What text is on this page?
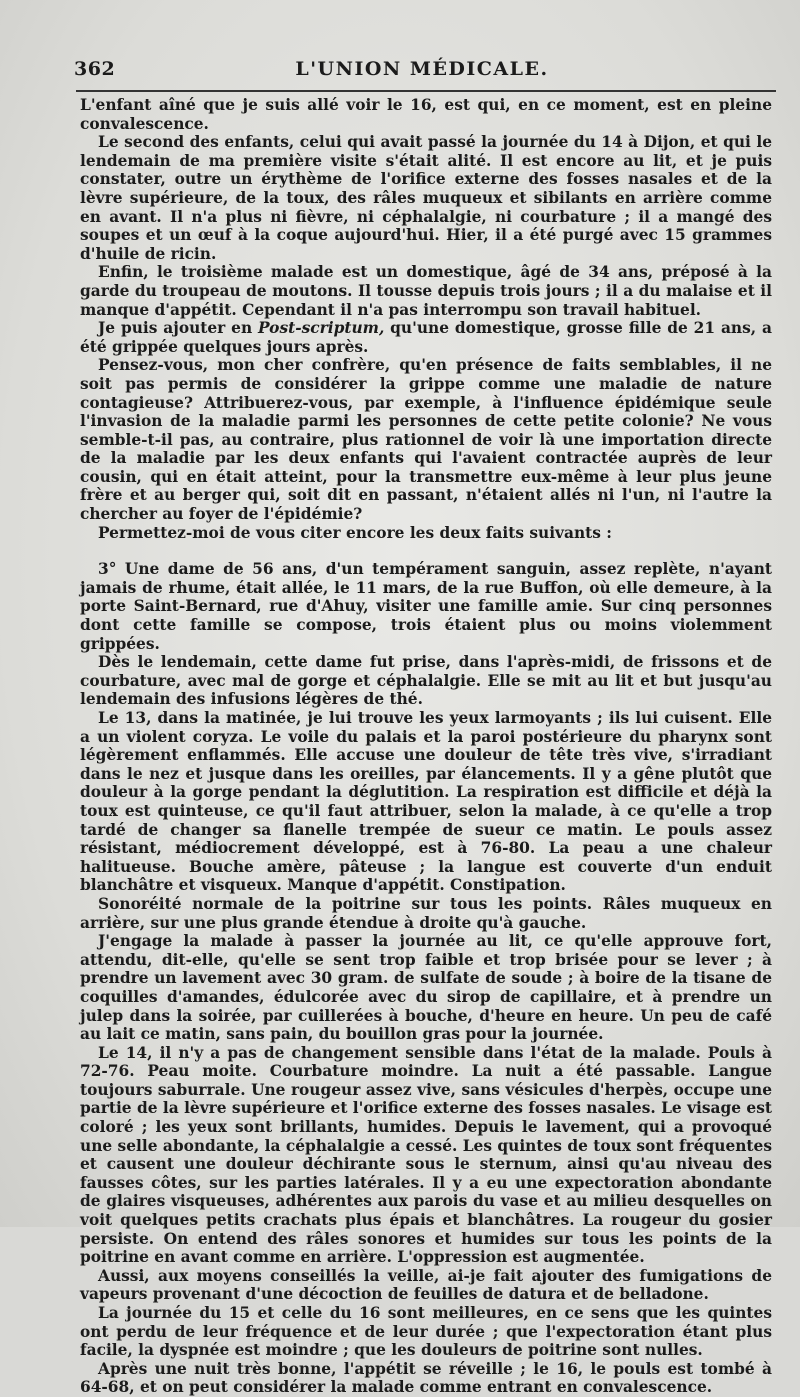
362	L'UNION MÉDICALE.

L'enfant aîné que je suis allé voir le 16, est qui, en ce moment, est en pleine convalescence.

Le second des enfants, celui qui avait passé la journée du 14 à Dijon, et qui le lendemain de ma première visite s'était alité. Il est encore au lit, et je puis constater, outre un érythème de l'orifice externe des fosses nasales et de la lèvre supérieure, de la toux, des râles muqueux et sibilants en arrière comme en avant. Il n'a plus ni fièvre, ni céphalalgie, ni courbature ; il a mangé des soupes et un œuf à la coque aujourd'hui. Hier, il a été purgé avec 15 grammes d'huile de ricin.

Enfin, le troisième malade est un domestique, âgé de 34 ans, préposé à la garde du troupeau de moutons. Il tousse depuis trois jours ; il a du malaise et il manque d'appétit. Cependant il n'a pas interrompu son travail habituel.

Je puis ajouter en Post-scriptum, qu'une domestique, grosse fille de 21 ans, a été grippée quelques jours après.

Pensez-vous, mon cher confrère, qu'en présence de faits semblables, il ne soit pas permis de considérer la grippe comme une maladie de nature contagieuse? Attribuerez-vous, par exemple, à l'influence épidémique seule l'invasion de la maladie parmi les personnes de cette petite colonie? Ne vous semble-t-il pas, au contraire, plus rationnel de voir là une importation directe de la maladie par les deux enfants qui l'avaient contractée auprès de leur cousin, qui en était atteint, pour la transmettre eux-même à leur plus jeune frère et au berger qui, soit dit en passant, n'étaient allés ni l'un, ni l'autre la chercher au foyer de l'épidémie?

Permettez-moi de vous citer encore les deux faits suivants :

3° Une dame de 56 ans, d'un tempérament sanguin, assez replète, n'ayant jamais de rhume, était allée, le 11 mars, de la rue Buffon, où elle demeure, à la porte Saint-Bernard, rue d'Ahuy, visiter une famille amie. Sur cinq personnes dont cette famille se compose, trois étaient plus ou moins violemment grippées.

Dès le lendemain, cette dame fut prise, dans l'après-midi, de frissons et de courbature, avec mal de gorge et céphalalgie. Elle se mit au lit et but jusqu'au lendemain des infusions légères de thé.

Le 13, dans la matinée, je lui trouve les yeux larmoyants ; ils lui cuisent. Elle a un violent coryza. Le voile du palais et la paroi postérieure du pharynx sont légèrement enflammés. Elle accuse une douleur de tête très vive, s'irradiant dans le nez et jusque dans les oreilles, par élancements. Il y a gêne plutôt que douleur à la gorge pendant la déglutition. La respiration est difficile et déjà la toux est quinteuse, ce qu'il faut attribuer, selon la malade, à ce qu'elle a trop tardé de changer sa flanelle trempée de sueur ce matin. Le pouls assez résistant, médiocrement développé, est à 76-80. La peau a une chaleur halitueuse. Bouche amère, pâteuse ; la langue est couverte d'un enduit blanchâtre et visqueux. Manque d'appétit. Constipation.

Sonoréité normale de la poitrine sur tous les points. Râles muqueux en arrière, sur une plus grande étendue à droite qu'à gauche.

J'engage la malade à passer la journée au lit, ce qu'elle approuve fort, attendu, dit-elle, qu'elle se sent trop faible et trop brisée pour se lever ; à prendre un lavement avec 30 gram. de sulfate de soude ; à boire de la tisane de coquilles d'amandes, édulcorée avec du sirop de capillaire, et à prendre un julep dans la soirée, par cuillerées à bouche, d'heure en heure. Un peu de café au lait ce matin, sans pain, du bouillon gras pour la journée.

Le 14, il n'y a pas de changement sensible dans l'état de la malade. Pouls à 72-76. Peau moite. Courbature moindre. La nuit a été passable. Langue toujours saburrale. Une rougeur assez vive, sans vésicules d'herpès, occupe une partie de la lèvre supérieure et l'orifice externe des fosses nasales. Le visage est coloré ; les yeux sont brillants, humides. Depuis le lavement, qui a provoqué une selle abondante, la céphalalgie a cessé. Les quintes de toux sont fréquentes et causent une douleur déchirante sous le sternum, ainsi qu'au niveau des fausses côtes, sur les parties latérales. Il y a eu une expectoration abondante de glaires visqueuses, adhérentes aux parois du vase et au milieu desquelles on voit quelques petits crachats plus épais et blanchâtres. La rougeur du gosier persiste. On entend des râles sonores et humides sur tous les points de la poitrine en avant comme en arrière. L'oppression est augmentée.

Aussi, aux moyens conseillés la veille, ai-je fait ajouter des fumigations de vapeurs provenant d'une décoction de feuilles de datura et de belladone.

La journée du 15 et celle du 16 sont meilleures, en ce sens que les quintes ont perdu de leur fréquence et de leur durée ; que l'expectoration étant plus facile, la dyspnée est moindre ; que les douleurs de poitrine sont nulles.

Après une nuit très bonne, l'appétit se réveille ; le 16, le pouls est tombé à 64-68, et on peut considérer la malade comme entrant en convalescence.
